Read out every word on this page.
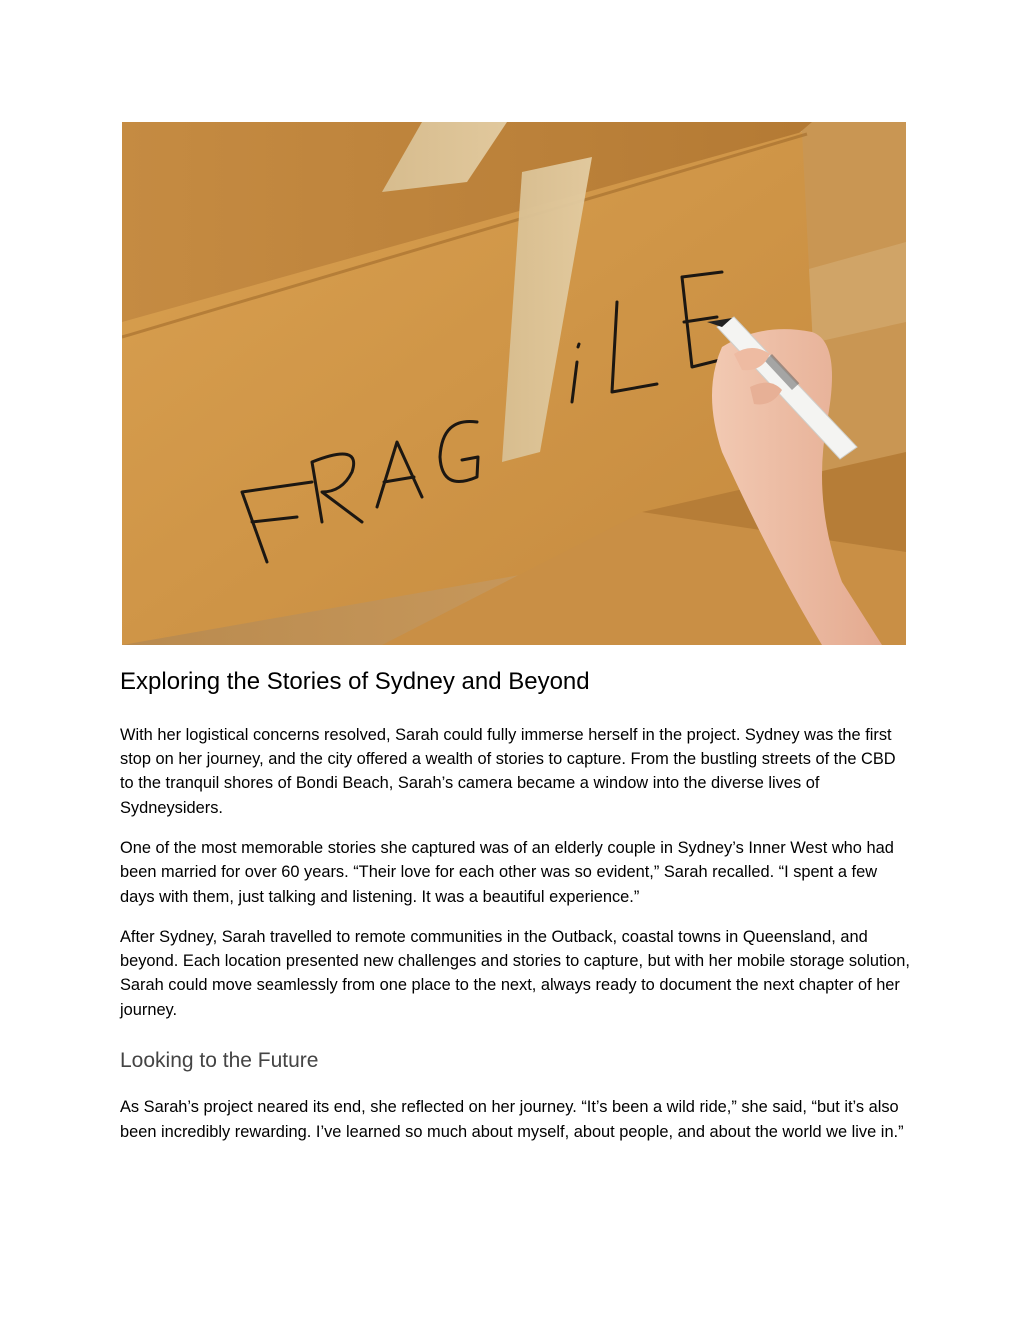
Exploring the Stories of Sydney and Beyond

With her logistical concerns resolved, Sarah could fully immerse herself in the project. Sydney was the first stop on her journey, and the city offered a wealth of stories to capture. From the bustling streets of the CBD to the tranquil shores of Bondi Beach, Sarah’s camera became a window into the diverse lives of Sydneysiders.

One of the most memorable stories she captured was of an elderly couple in Sydney’s Inner West who had been married for over 60 years. “Their love for each other was so evident,” Sarah recalled. “I spent a few days with them, just talking and listening. It was a beautiful experience.”

After Sydney, Sarah travelled to remote communities in the Outback, coastal towns in Queensland, and beyond. Each location presented new challenges and stories to capture, but with her mobile storage solution, Sarah could move seamlessly from one place to the next, always ready to document the next chapter of her journey.

Looking to the Future

As Sarah’s project neared its end, she reflected on her journey. “It’s been a wild ride,” she said, “but it’s also been incredibly rewarding. I’ve learned so much about myself, about people, and about the world we live in.”
